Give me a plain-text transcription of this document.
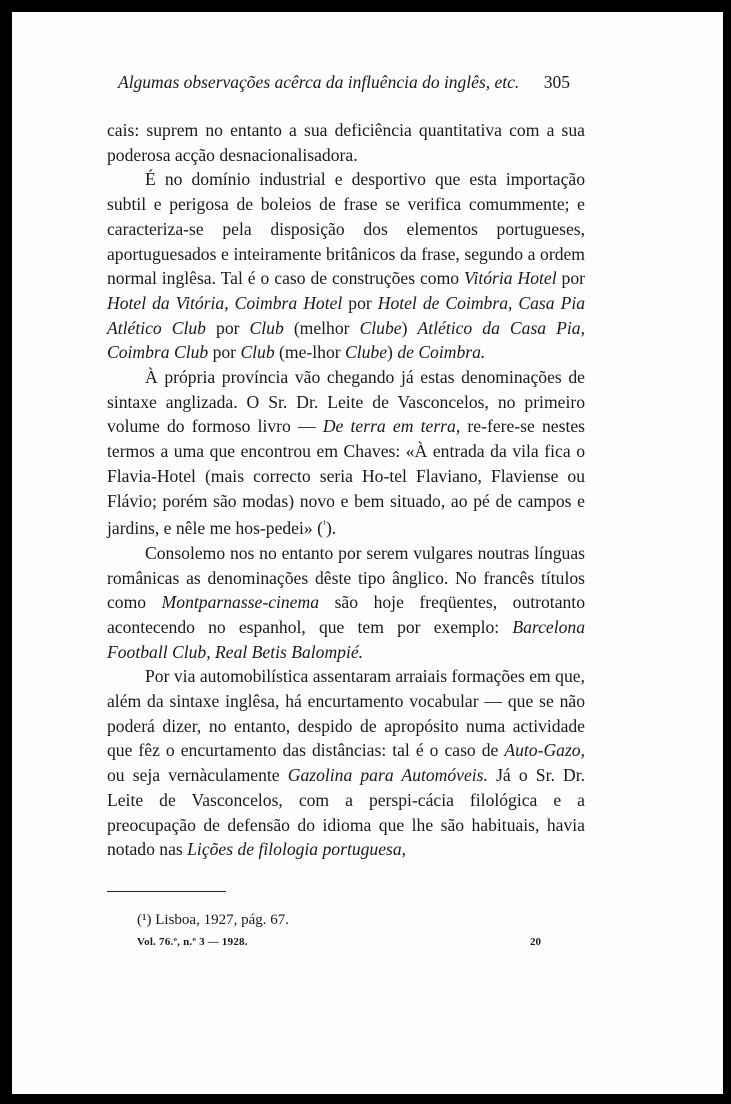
Algumas observações acêrca da influência do inglês, etc. 305

cais: suprem no entanto a sua deficiência quantitativa com a sua poderosa acção desnacionalisadora.

É no domínio industrial e desportivo que esta importação subtil e perigosa de boleios de frase se verifica comummente; e caracteriza-se pela disposição dos elementos portugueses, aportuguesados e inteiramente britânicos da frase, segundo a ordem normal inglêsa. Tal é o caso de construções como Vitória Hotel por Hotel da Vitória, Coimbra Hotel por Hotel de Coimbra, Casa Pia Atlético Club por Club (melhor Clube) Atlético da Casa Pia, Coimbra Club por Club (me-lhor Clube) de Coimbra.

À própria província vão chegando já estas denominações de sintaxe anglizada. O Sr. Dr. Leite de Vasconcelos, no primeiro volume do formoso livro — De terra em terra, re-fere-se nestes termos a uma que encontrou em Chaves: «À entrada da vila fica o Flavia-Hotel (mais correcto seria Ho-tel Flaviano, Flaviense ou Flávio; porém são modas) novo e bem situado, ao pé de campos e jardins, e nêle me hos-pedei» ($^{^1}$).

Consolemo nos no entanto por serem vulgares noutras línguas românicas as denominações dêste tipo ânglico. No francês títulos como Montparnasse-cinema são hoje freqüentes, outrotanto acontecendo no espanhol, que tem por exemplo: Barcelona Football Club, Real Betis Balompié.

Por via automobilística assentaram arraiais formações em que, além da sintaxe inglêsa, há encurtamento vocabular — que se não poderá dizer, no entanto, despido de apropósito numa actividade que fêz o encurtamento das distâncias: tal é o caso de Auto-Gazo, ou seja vernàculamente Gazolina para Automóveis. Já o Sr. Dr. Leite de Vasconcelos, com a perspi-cácia filológica e a preocupação de defensão do idioma que lhe são habituais, havia notado nas Lições de filologia portuguesa,

(¹) Lisboa, 1927, pág. 67.
Vol. 76.º, n.º 3 — 1928.	20
